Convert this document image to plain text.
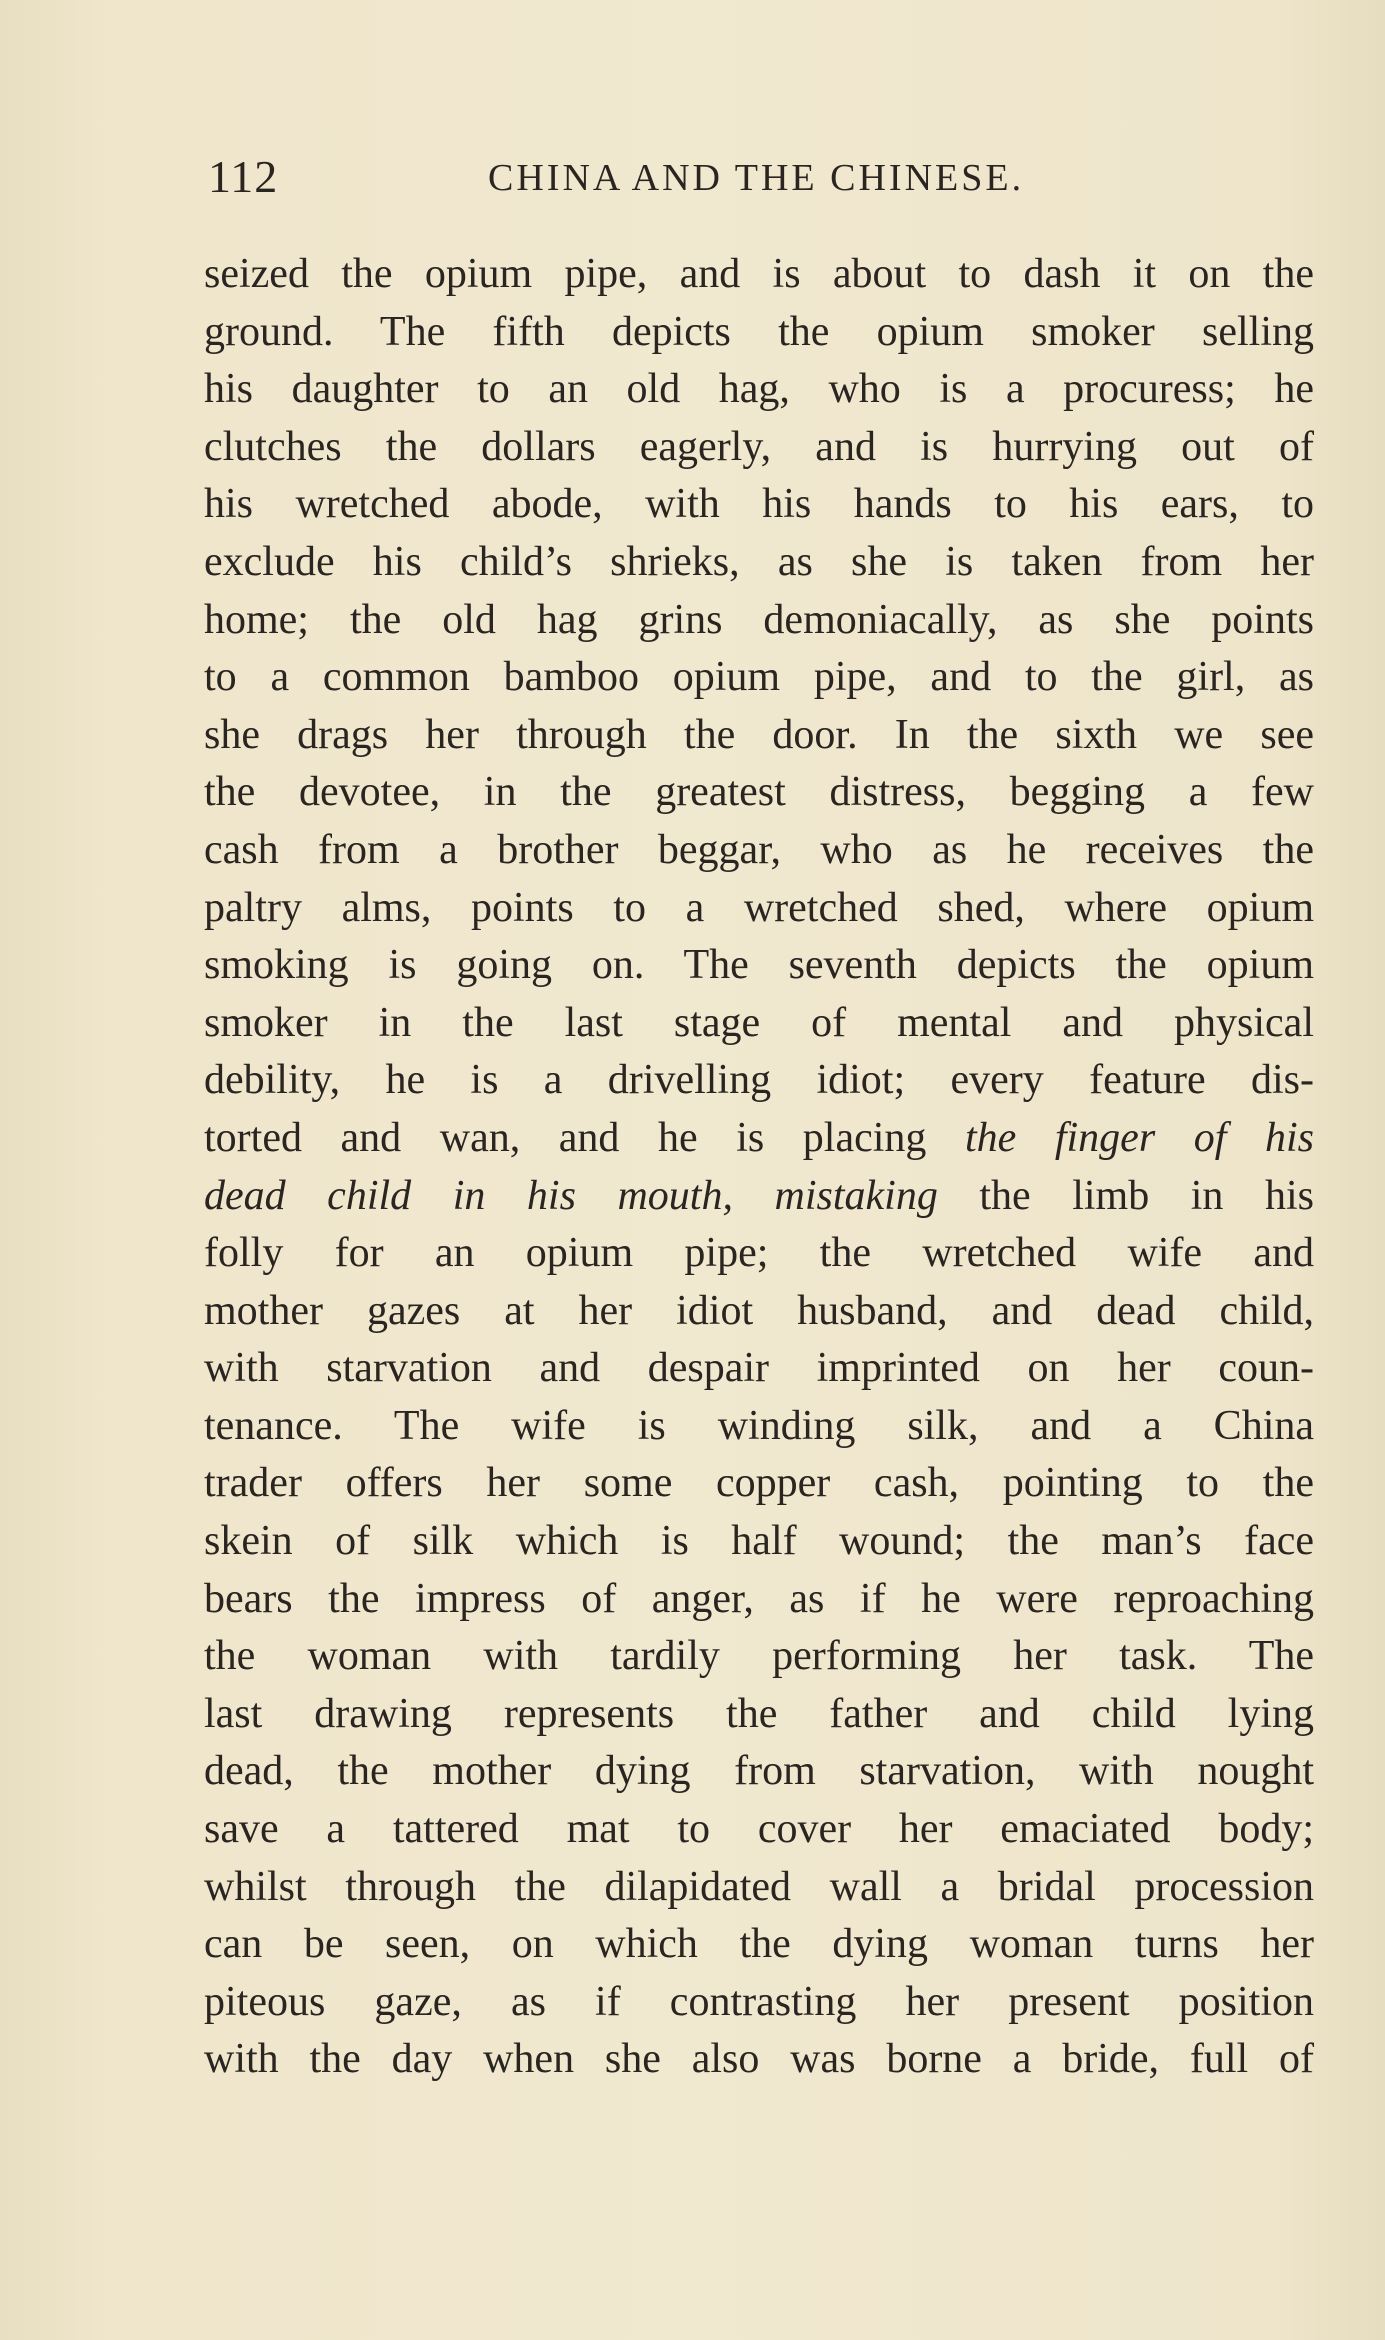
112	CHINA AND THE CHINESE.
seized the opium pipe, and is about to dash it on the
ground. The fifth depicts the opium smoker selling
his daughter to an old hag, who is a procuress; he
clutches the dollars eagerly, and is hurrying out of
his wretched abode, with his hands to his ears, to
exclude his child’s shrieks, as she is taken from her
home; the old hag grins demoniacally, as she points
to a common bamboo opium pipe, and to the girl, as
she drags her through the door. In the sixth we see
the devotee, in the greatest distress, begging a few
cash from a brother beggar, who as he receives the
paltry alms, points to a wretched shed, where opium
smoking is going on. The seventh depicts the opium
smoker in the last stage of mental and physical
debility, he is a drivelling idiot; every feature dis-
torted and wan, and he is placing the finger of his
dead child in his mouth, mistaking the limb in his
folly for an opium pipe; the wretched wife and
mother gazes at her idiot husband, and dead child,
with starvation and despair imprinted on her coun-
tenance. The wife is winding silk, and a China
trader offers her some copper cash, pointing to the
skein of silk which is half wound; the man’s face
bears the impress of anger, as if he were reproaching
the woman with tardily performing her task. The
last drawing represents the father and child lying
dead, the mother dying from starvation, with nought
save a tattered mat to cover her emaciated body;
whilst through the dilapidated wall a bridal procession
can be seen, on which the dying woman turns her
piteous gaze, as if contrasting her present position
with the day when she also was borne a bride, full of
